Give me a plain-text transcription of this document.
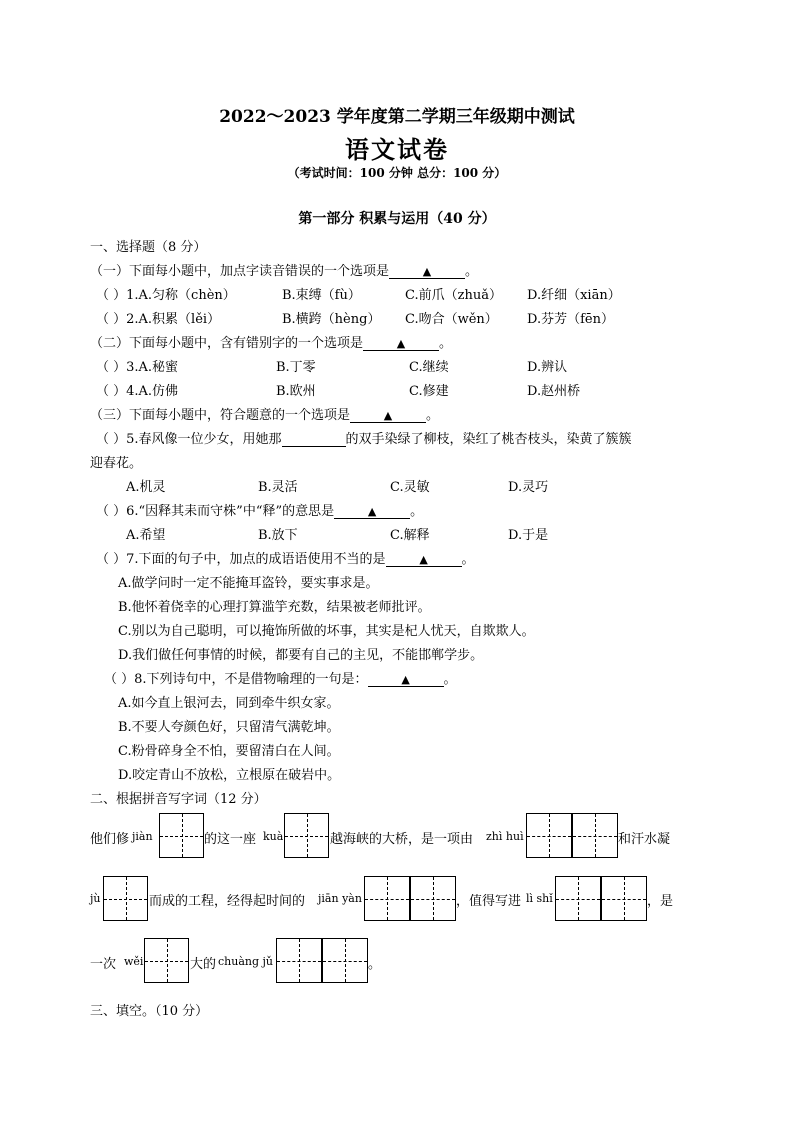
2022～2023 学年度第二学期三年级期中测试
语文试卷
（考试时间：100 分钟 总分：100 分）
第一部分 积累与运用（40 分）
一、选择题（8 分）
（一）下面每小题中，加点字读音错误的一个选项是	▲	。
（ ）1.A.匀称（chèn）	B.束缚（fù）	C.前爪（zhuǎ） D.纤细（xiān）
（ ）2.A.积累（lěi）	B.横跨（hèng） C.吻合（wěn） D.芬芳（fēn）
（二）下面每小题中，含有错别字的一个选项是	▲	。
（ ）3.A.秘蜜	B.丁零	C.继续	D.辨认
（ ）4.A.仿佛	B.欧州	C.修建	D.赵州桥
（三）下面每小题中，符合题意的一个选项是	▲	。
（ ）5.春风像一位少女，用她那	的双手染绿了柳枝，染红了桃杏枝头，染黄了簇簇
迎春花。
A.机灵	B.灵活	C.灵敏	D.灵巧
（ ）6.“因释其耒而守株”中“释”的意思是	▲	。
A.希望	B.放下	C.解释	D.于是
（ ）7.下面的句子中，加点的成语语使用不当的是	▲	。
A.做学问时一定不能掩耳盗铃，要实事求是。
B.他怀着侥幸的心理打算滥竽充数，结果被老师批评。
C.别以为自己聪明，可以掩饰所做的坏事，其实是杞人忧天，自欺欺人。
D.我们做任何事情的时候，都要有自己的主见，不能邯郸学步。
（ ）8.下列诗句中，不是借物喻理的一句是：	▲	。
A.如今直上银河去，同到牵牛织女家。
B.不要人夸颜色好，只留清气满乾坤。
C.粉骨碎身全不怕，要留清白在人间。
D.咬定青山不放松，立根原在破岩中。
二、根据拼音写字词（12 分）
他们修 jiàn	的这一座 kuà	越海峡的大桥，是一项由 zhì huì	和汗水凝
jù	而成的工程，经得起时间的 jiān yàn	，值得写进 lì shǐ	，是
一次 wěi	大的 chuàng jǔ	。
三、填空。（10 分）
